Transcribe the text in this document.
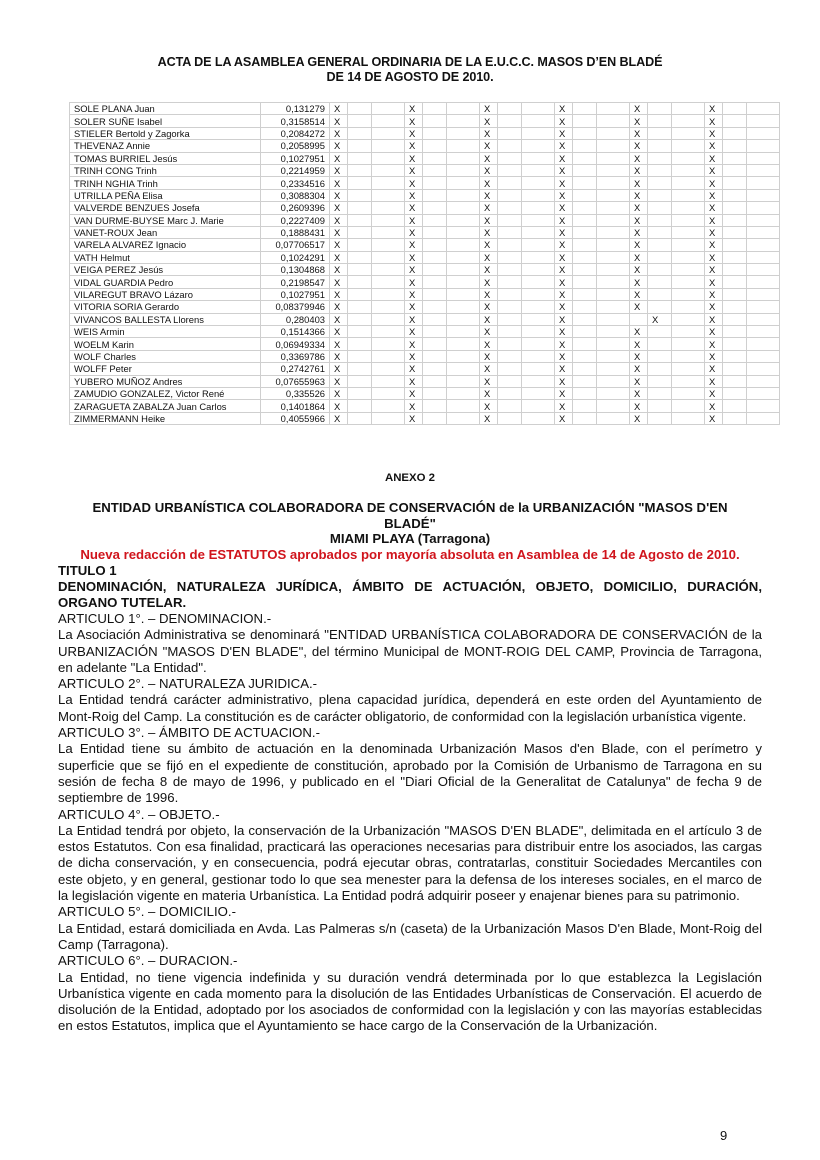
ACTA DE LA ASAMBLEA GENERAL ORDINARIA DE LA E.U.C.C. MASOS D’EN BLADÉ
DE 14 DE AGOSTO DE 2010.
SOLE PLANA Juan	0,131279	X			X			X			X			X			X		
SOLER SUÑE Isabel	0,3158514	X			X			X			X			X			X		
STIELER Bertold y Zagorka	0,2084272	X			X			X			X			X			X		
THEVENAZ Annie	0,2058995	X			X			X			X			X			X		
TOMAS BURRIEL Jesús	0,1027951	X			X			X			X			X			X		
TRINH CONG Trinh	0,2214959	X			X			X			X			X			X		
TRINH NGHIA Trinh	0,2334516	X			X			X			X			X			X		
UTRILLA PEÑA Elisa	0,3088304	X			X			X			X			X			X		
VALVERDE BENZUES Josefa	0,2609396	X			X			X			X			X			X		
VAN DURME-BUYSE Marc J. Marie	0,2227409	X			X			X			X			X			X		
VANET-ROUX Jean	0,1888431	X			X			X			X			X			X		
VARELA ALVAREZ Ignacio	0,07706517	X			X			X			X			X			X		
VATH Helmut	0,1024291	X			X			X			X			X			X		
VEIGA PEREZ Jesús	0,1304868	X			X			X			X			X			X		
VIDAL GUARDIA Pedro	0,2198547	X			X			X			X			X			X		
VILAREGUT BRAVO Lázaro	0,1027951	X			X			X			X			X			X		
VITORIA SORIA Gerardo	0,08379946	X			X			X			X			X			X		
VIVANCOS BALLESTA Llorens	0,280403	X			X			X			X				X		X		
WEIS Armin	0,1514366	X			X			X			X			X			X		
WOELM Karin	0,06949334	X			X			X			X			X			X		
WOLF Charles	0,3369786	X			X			X			X			X			X		
WOLFF Peter	0,2742761	X			X			X			X			X			X		
YUBERO MUÑOZ Andres	0,07655963	X			X			X			X			X			X		
ZAMUDIO GONZALEZ, Victor René	0,335526	X			X			X			X			X			X		
ZARAGUETA ZABALZA Juan Carlos	0,1401864	X			X			X			X			X			X		
ZIMMERMANN Heike	0,4055966	X			X			X			X			X			X		
ANEXO 2
ENTIDAD URBANÍSTICA COLABORADORA DE CONSERVACIÓN de la URBANIZACIÓN "MASOS D'EN BLADÉ"
MIAMI PLAYA (Tarragona)
Nueva redacción de ESTATUTOS aprobados por mayoría absoluta en Asamblea de 14 de Agosto de 2010.
TITULO 1
DENOMINACIÓN, NATURALEZA JURÍDICA, ÁMBITO DE ACTUACIÓN, OBJETO, DOMICILIO, DURACIÓN, ORGANO TUTELAR.
ARTICULO 1°. – DENOMINACION.-
La Asociación Administrativa se denominará "ENTIDAD URBANÍSTICA COLABORADORA DE CONSERVACIÓN de la URBANIZACIÓN "MASOS D'EN BLADE", del término Municipal de MONT-ROIG DEL CAMP, Provincia de Tarragona, en adelante "La Entidad".
ARTICULO 2°. – NATURALEZA JURIDICA.-
La Entidad tendrá carácter administrativo, plena capacidad jurídica, dependerá en este orden del Ayuntamiento de Mont-Roig del Camp. La constitución es de carácter obligatorio, de conformidad con la legislación urbanística vigente.
ARTICULO 3°. – ÁMBITO DE ACTUACION.-
La Entidad tiene su ámbito de actuación en la denominada Urbanización Masos d'en Blade, con el perímetro y superficie que se fijó en el expediente de constitución, aprobado por la Comisión de Urbanismo de Tarragona en su sesión de fecha 8 de mayo de 1996, y publicado en el "Diari Oficial de la Generalitat de Catalunya" de fecha 9 de septiembre de 1996.
ARTICULO 4°. – OBJETO.-
La Entidad tendrá por objeto, la conservación de la Urbanización "MASOS D'EN BLADE", delimitada en el artículo 3 de estos Estatutos. Con esa finalidad, practicará las operaciones necesarias para distribuir entre los asociados, las cargas de dicha conservación, y en consecuencia, podrá ejecutar obras, contratarlas, constituir Sociedades Mercantiles con este objeto, y en general, gestionar todo lo que sea menester para la defensa de los intereses sociales, en el marco de la legislación vigente en materia Urbanística. La Entidad podrá adquirir poseer y enajenar bienes para su patrimonio.
ARTICULO 5°. – DOMICILIO.-
La Entidad, estará domiciliada en Avda. Las Palmeras s/n (caseta) de la Urbanización Masos D'en Blade, Mont-Roig del Camp (Tarragona).
ARTICULO 6°. – DURACION.-
La Entidad, no tiene vigencia indefinida y su duración vendrá determinada por lo que establezca la Legislación Urbanística vigente en cada momento para la disolución de las Entidades Urbanísticas de Conservación. El acuerdo de disolución de la Entidad, adoptado por los asociados de conformidad con la legislación y con las mayorías establecidas en estos Estatutos, implica que el Ayuntamiento se hace cargo de la Conservación de la Urbanización.
9
